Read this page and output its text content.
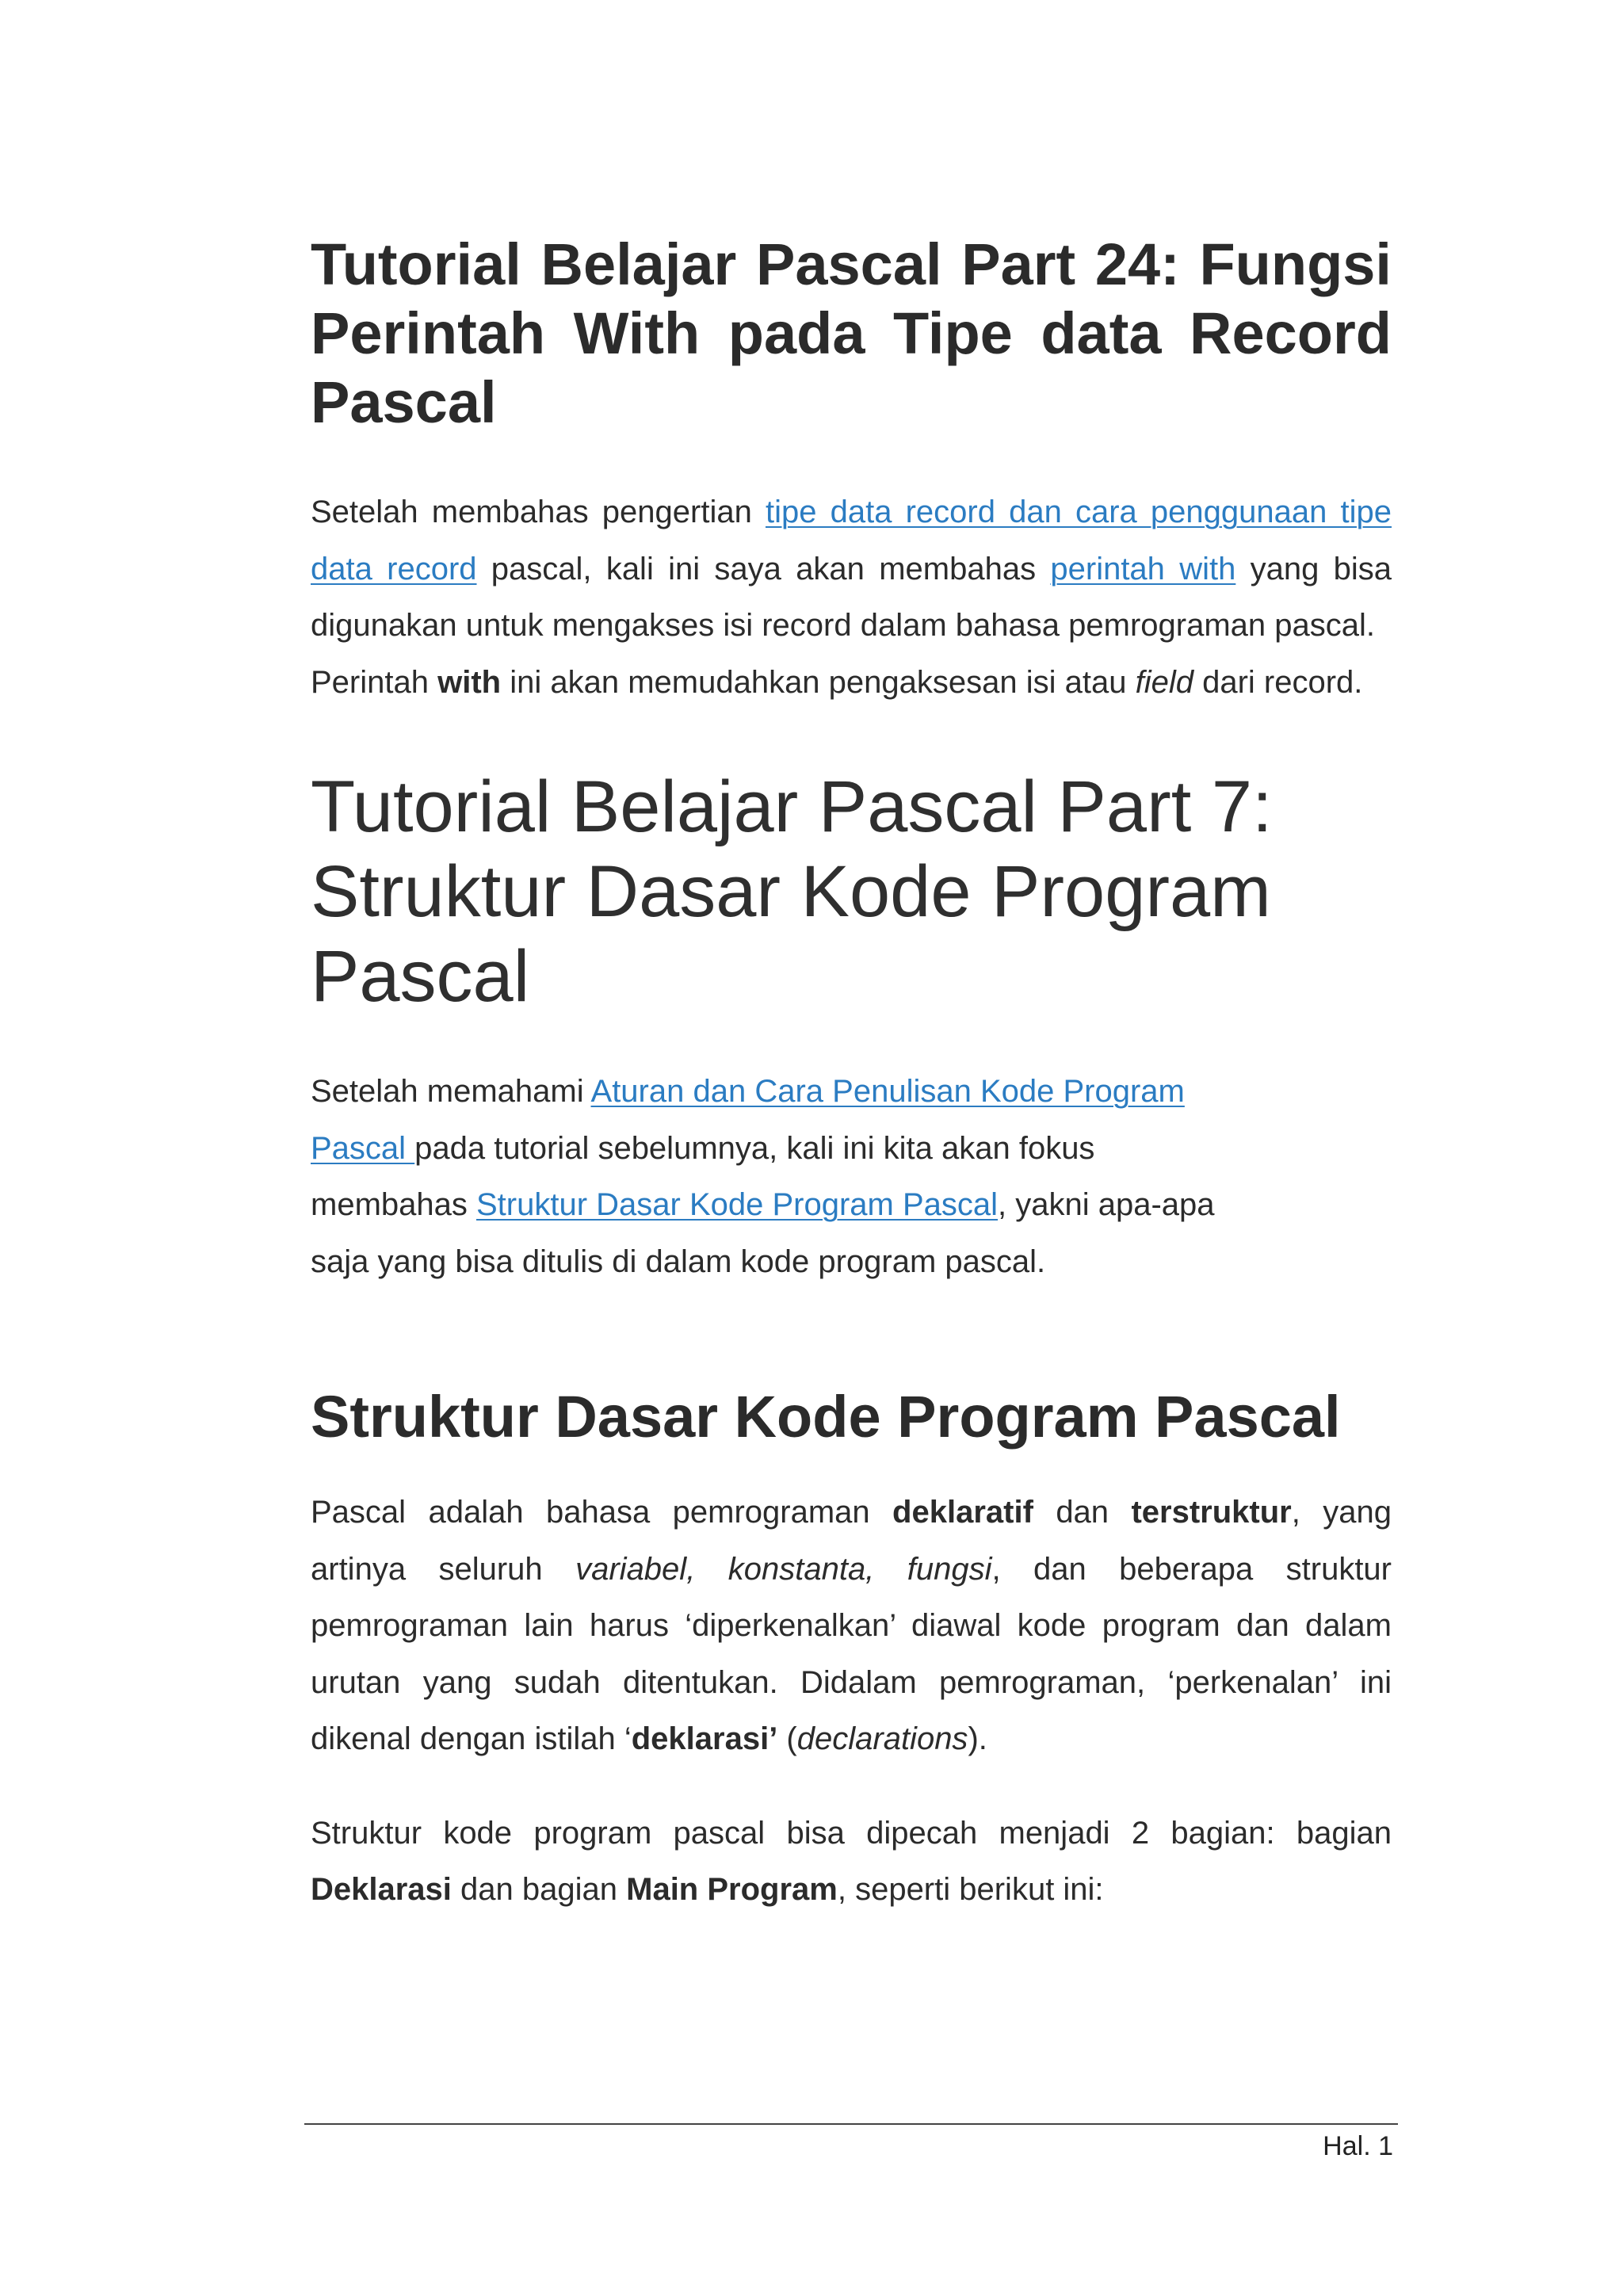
Tutorial Belajar Pascal Part 24: Fungsi Perintah With pada Tipe data Record Pascal

Setelah membahas pengertian tipe data record dan cara penggunaan tipe data record pascal, kali ini saya akan membahas perintah with yang bisa digunakan untuk mengakses isi record dalam bahasa pemrograman pascal.

Perintah with ini akan memudahkan pengaksesan isi atau field dari record.

Tutorial Belajar Pascal Part 7: Struktur Dasar Kode Program Pascal

Setelah memahami Aturan dan Cara Penulisan Kode Program Pascal pada tutorial sebelumnya, kali ini kita akan fokus membahas Struktur Dasar Kode Program Pascal, yakni apa-apa saja yang bisa ditulis di dalam kode program pascal.

Struktur Dasar Kode Program Pascal

Pascal adalah bahasa pemrograman deklaratif dan terstruktur, yang artinya seluruh variabel, konstanta, fungsi, dan beberapa struktur pemrograman lain harus ‘diperkenalkan’ diawal kode program dan dalam urutan yang sudah ditentukan. Didalam pemrograman, ‘perkenalan’ ini dikenal dengan istilah ‘deklarasi’ (declarations).

Struktur kode program pascal bisa dipecah menjadi 2 bagian: bagian Deklarasi dan bagian Main Program, seperti berikut ini:

Hal. 1
